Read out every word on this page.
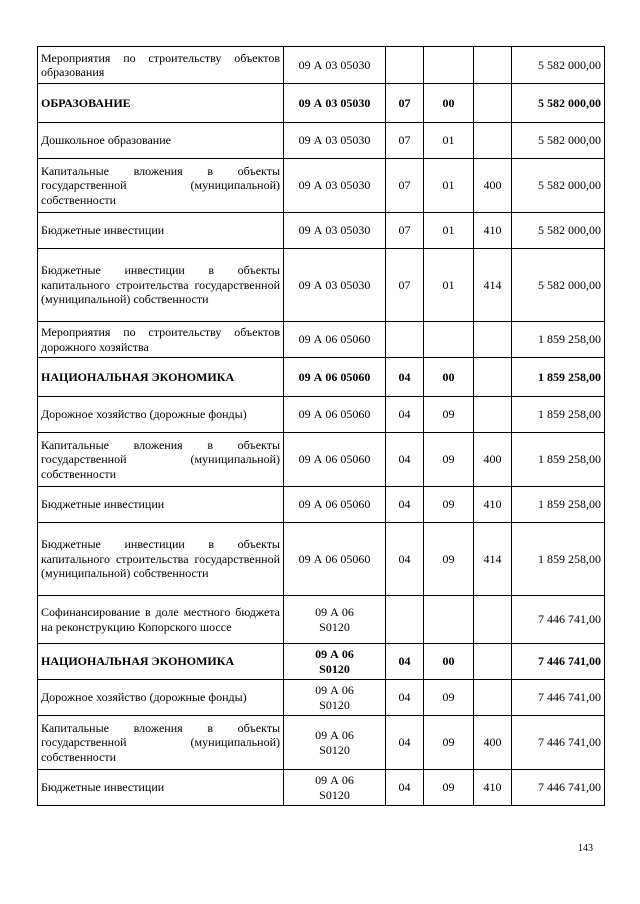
Мероприятия по строительству объектов образования	09 А 03 05030				5 582 000,00
ОБРАЗОВАНИЕ	09 А 03 05030	07	00		5 582 000,00
Дошкольное образование	09 А 03 05030	07	01		5 582 000,00
Капитальные вложения в объекты государственной (муниципальной) собственности	09 А 03 05030	07	01	400	5 582 000,00
Бюджетные инвестиции	09 А 03 05030	07	01	410	5 582 000,00
Бюджетные инвестиции в объекты капитального строительства государственной (муниципальной) собственности	09 А 03 05030	07	01	414	5 582 000,00
Мероприятия по строительству объектов дорожного хозяйства	09 А 06 05060				1 859 258,00
НАЦИОНАЛЬНАЯ ЭКОНОМИКА	09 А 06 05060	04	00		1 859 258,00
Дорожное хозяйство (дорожные фонды)	09 А 06 05060	04	09		1 859 258,00
Капитальные вложения в объекты государственной (муниципальной) собственности	09 А 06 05060	04	09	400	1 859 258,00
Бюджетные инвестиции	09 А 06 05060	04	09	410	1 859 258,00
Бюджетные инвестиции в объекты капитального строительства государственной (муниципальной) собственности	09 А 06 05060	04	09	414	1 859 258,00
Софинансирование в доле местного бюджета на реконструкцию Копорского шоссе	09 А 06 S0120				7 446 741,00
НАЦИОНАЛЬНАЯ ЭКОНОМИКА	09 А 06 S0120	04	00		7 446 741,00
Дорожное хозяйство (дорожные фонды)	09 А 06 S0120	04	09		7 446 741,00
Капитальные вложения в объекты государственной (муниципальной) собственности	09 А 06 S0120	04	09	400	7 446 741,00
Бюджетные инвестиции	09 А 06 S0120	04	09	410	7 446 741,00
143
